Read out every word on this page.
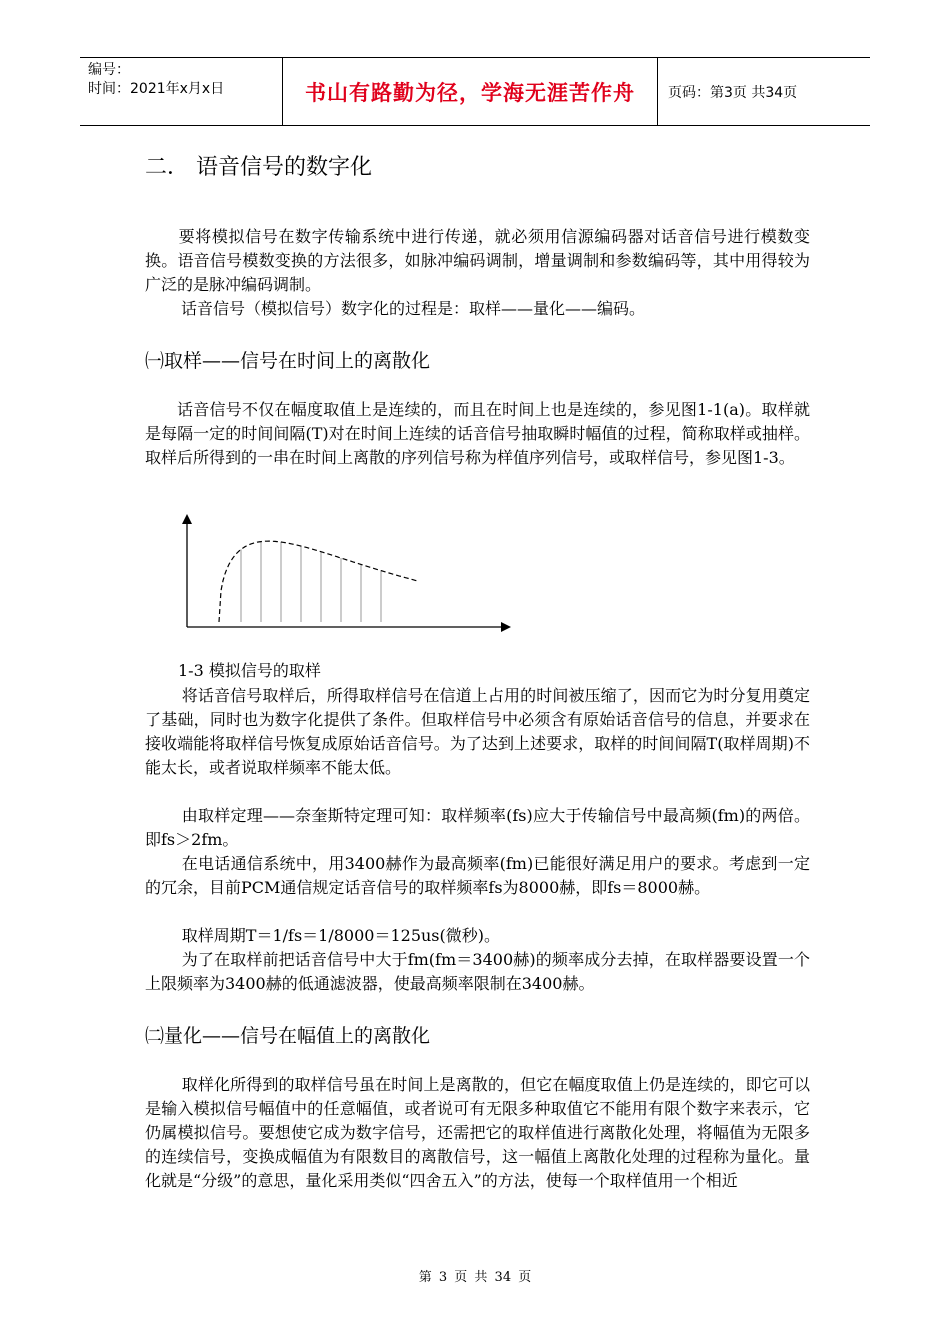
编号：
时间：2021年x月x日	书山有路勤为径，学海无涯苦作舟	页码：第3页 共34页
二． 语音信号的数字化

要将模拟信号在数字传输系统中进行传递，就必须用信源编码器对话音信号进行模数变换。语音信号模数变换的方法很多，如脉冲编码调制，增量调制和参数编码等，其中用得较为广泛的是脉冲编码调制。

话音信号（模拟信号）数字化的过程是：取样——量化——编码。

㈠取样——信号在时间上的离散化

话音信号不仅在幅度取值上是连续的，而且在时间上也是连续的，参见图1-1(a)。取样就是每隔一定的时间间隔(T)对在时间上连续的话音信号抽取瞬时幅值的过程，简称取样或抽样。取样后所得到的一串在时间上离散的序列信号称为样值序列信号，或取样信号，参见图1-3。

1-3 模拟信号的取样

将话音信号取样后，所得取样信号在信道上占用的时间被压缩了，因而它为时分复用奠定了基础，同时也为数字化提供了条件。但取样信号中必须含有原始话音信号的信息，并要求在接收端能将取样信号恢复成原始话音信号。为了达到上述要求，取样的时间间隔T(取样周期)不能太长，或者说取样频率不能太低。

由取样定理——奈奎斯特定理可知：取样频率(fs)应大于传输信号中最高频(fm)的两倍。即fs＞2fm。

在电话通信系统中，用3400赫作为最高频率(fm)已能很好满足用户的要求。考虑到一定的冗余，目前PCM通信规定话音信号的取样频率fs为8000赫，即fs＝8000赫。

取样周期T＝1/fs＝1/8000＝125us(微秒)。

为了在取样前把话音信号中大于fm(fm＝3400赫)的频率成分去掉，在取样器要设置一个上限频率为3400赫的低通滤波器，使最高频率限制在3400赫。

㈡量化——信号在幅值上的离散化

取样化所得到的取样信号虽在时间上是离散的，但它在幅度取值上仍是连续的，即它可以是输入模拟信号幅值中的任意幅值，或者说可有无限多种取值它不能用有限个数字来表示，它仍属模拟信号。要想使它成为数字信号，还需把它的取样值进行离散化处理，将幅值为无限多的连续信号，变换成幅值为有限数目的离散信号，这一幅值上离散化处理的过程称为量化。量化就是“分级”的意思，量化采用类似“四舍五入”的方法，使每一个取样值用一个相近

第 3 页 共 34 页
